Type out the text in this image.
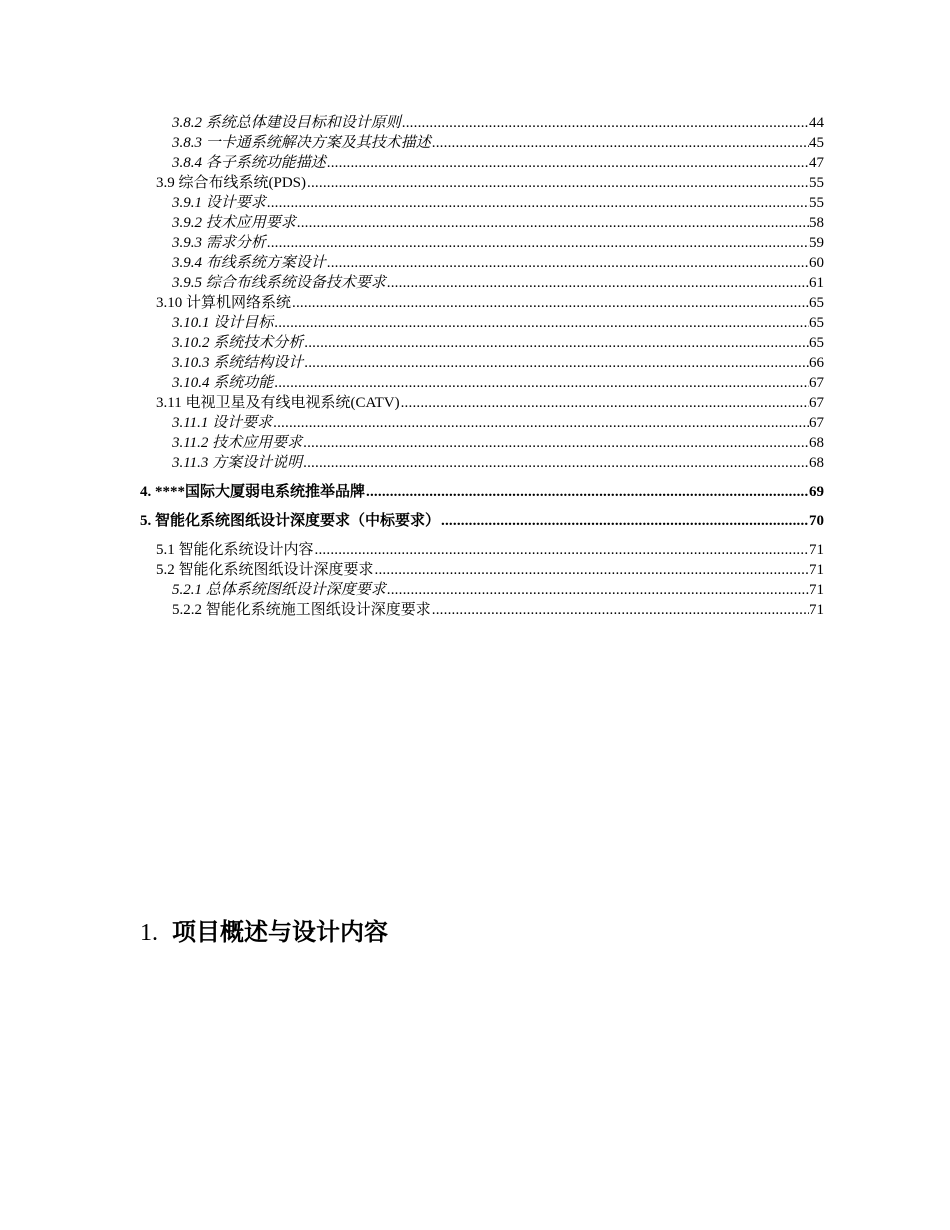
3.8.2 系统总体建设目标和设计原则 .....	44
3.8.3 一卡通系统解决方案及其技术描述 .....	45
3.8.4 各子系统功能描述 .....	47
3.9 综合布线系统(PDS) .....	55
3.9.1 设计要求 .....	55
3.9.2 技术应用要求 .....	58
3.9.3 需求分析 .....	59
3.9.4 布线系统方案设计 .....	60
3.9.5 综合布线系统设备技术要求 .....	61
3.10 计算机网络系统 .....	65
3.10.1 设计目标 .....	65
3.10.2 系统技术分析 .....	65
3.10.3 系统结构设计 .....	66
3.10.4 系统功能 .....	67
3.11 电视卫星及有线电视系统(CATV) .....	67
3.11.1 设计要求 .....	67
3.11.2 技术应用要求 .....	68
3.11.3 方案设计说明 .....	68
4. ****国际大厦弱电系统推举品牌 .....	69
5. 智能化系统图纸设计深度要求（中标要求） .....	70
5.1 智能化系统设计内容 .....	71
5.2 智能化系统图纸设计深度要求 .....	71
5.2.1 总体系统图纸设计深度要求 .....	71
5.2.2 智能化系统施工图纸设计深度要求 .....	71
1. 项目概述与设计内容
